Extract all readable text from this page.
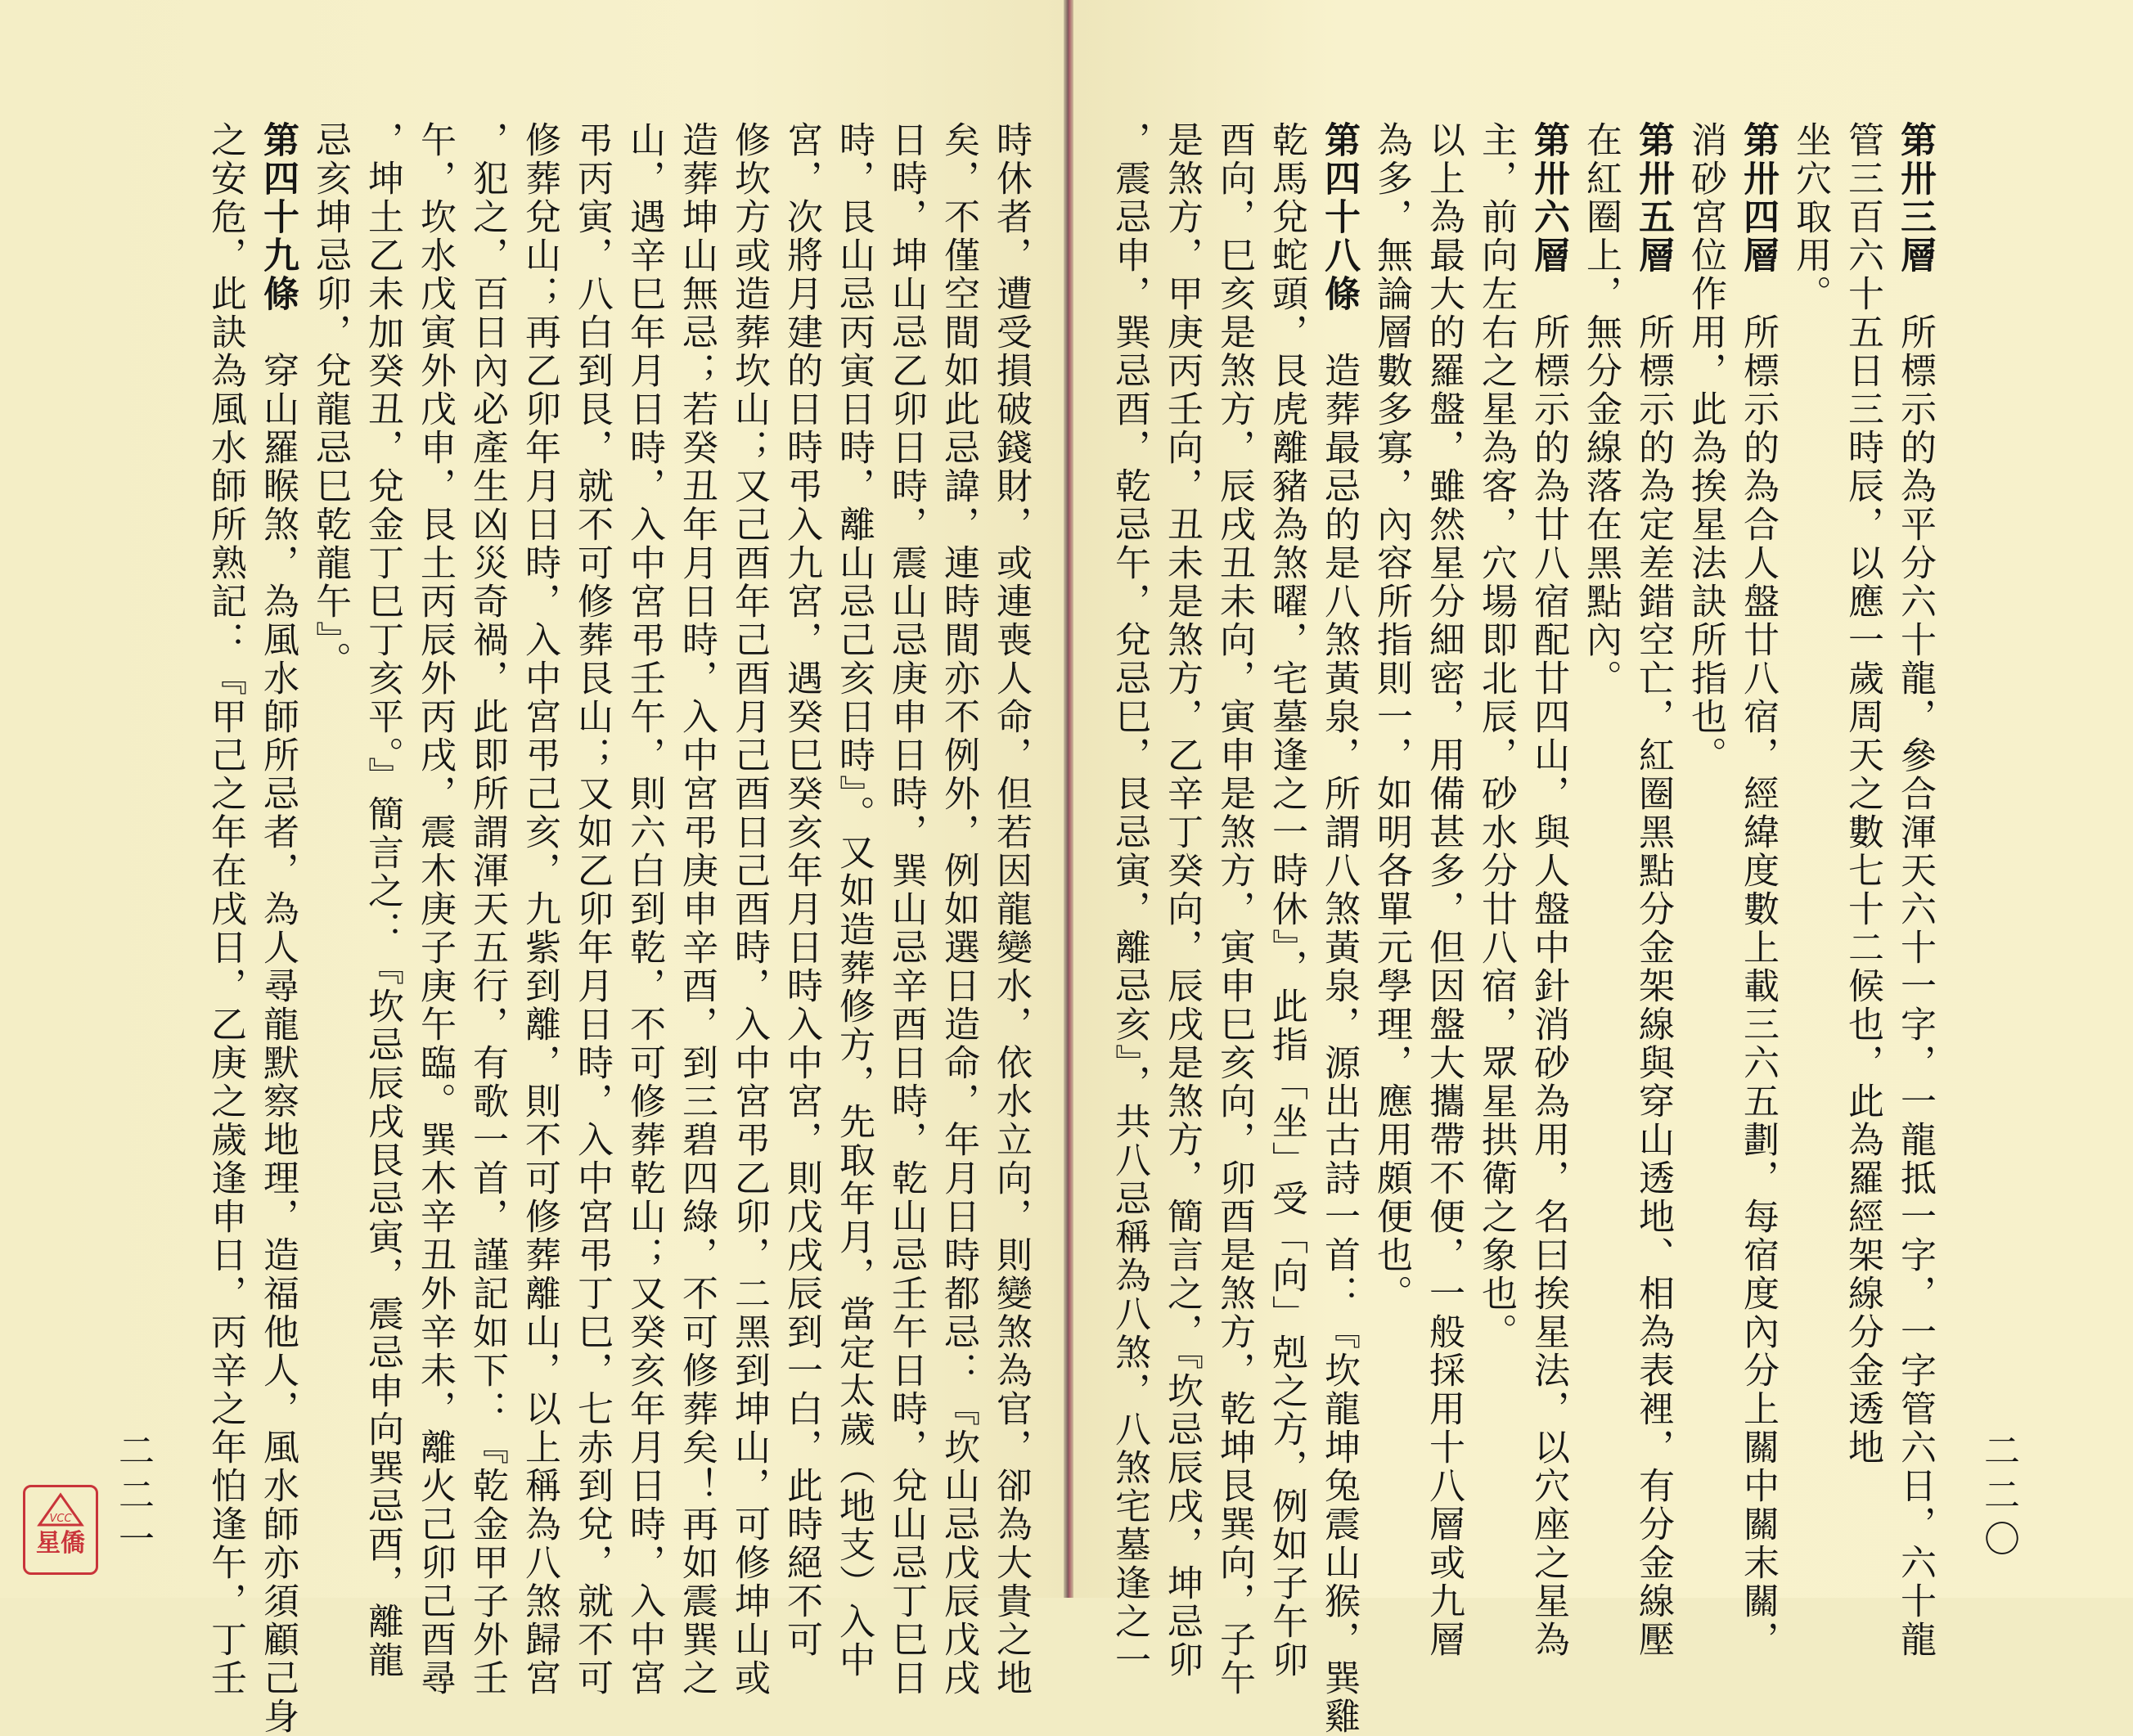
第卅三層　所標示的為平分六十龍，參合渾天六十一字，一龍抵一字，一字管六日，六十龍
管三百六十五日三時辰，以應一歲周天之數七十二候也，此為羅經架線分金透地
坐穴取用。
第卅四層　所標示的為合人盤廿八宿，經緯度數上載三六五劃，每宿度內分上關中關末關，
消砂宮位作用，此為挨星法訣所指也。
第卅五層　所標示的為定差錯空亡，紅圈黑點分金架線與穿山透地、相為表裡，有分金線壓
在紅圈上，無分金線落在黑點內。
第卅六層　所標示的為廿八宿配廿四山，與人盤中針消砂為用，名曰挨星法，以穴座之星為
主，前向左右之星為客，穴場即北辰，砂水分廿八宿，眾星拱衛之象也。
以上為最大的羅盤，雖然星分細密，用備甚多，但因盤大攜帶不便，一般採用十八層或九層
為多，無論層數多寡，內容所指則一，如明各單元學理，應用頗便也。
第四十八條　造葬最忌的是八煞黃泉，所謂八煞黃泉，源出古詩一首：『坎龍坤兔震山猴，巽雞
乾馬兌蛇頭，艮虎離豬為煞曜，宅墓逢之一時休』，此指「坐」受「向」剋之方，例如子午卯
酉向，巳亥是煞方，辰戌丑未向，寅申是煞方，寅申巳亥向，卯酉是煞方，乾坤艮巽向，子午
是煞方，甲庚丙壬向，丑未是煞方，乙辛丁癸向，辰戌是煞方，簡言之，『坎忌辰戌，坤忌卯
，震忌申，巽忌酉，乾忌午，兌忌巳，艮忌寅，離忌亥』，共八忌稱為八煞，八煞宅墓逢之一
時休者，遭受損破錢財，或連喪人命，但若因龍變水，依水立向，則變煞為官，卻為大貴之地
矣，不僅空間如此忌諱，連時間亦不例外，例如選日造命，年月日時都忌：『坎山忌戊辰戊戌
日時，坤山忌乙卯日時，震山忌庚申日時，巽山忌辛酉日時，乾山忌壬午日時，兌山忌丁巳日
時，艮山忌丙寅日時，離山忌己亥日時』。又如造葬修方，先取年月，當定太歲（地支）入中
宮，次將月建的日時弔入九宮，遇癸巳癸亥年月日時入中宮，則戊戌辰到一白，此時絕不可
修坎方或造葬坎山；又己酉年己酉月己酉日己酉時，入中宮弔乙卯，二黑到坤山，可修坤山或
造葬坤山無忌；若癸丑年月日時，入中宮弔庚申辛酉，到三碧四綠，不可修葬矣！再如震巽之
山，遇辛巳年月日時，入中宮弔壬午，則六白到乾，不可修葬乾山；又癸亥年月日時，入中宮
弔丙寅，八白到艮，就不可修葬艮山；又如乙卯年月日時，入中宮弔丁巳，七赤到兌，就不可
修葬兌山；再乙卯年月日時，入中宮弔己亥，九紫到離，則不可修葬離山，以上稱為八煞歸宮
，犯之，百日內必產生凶災奇禍，此即所謂渾天五行，有歌一首，謹記如下：『乾金甲子外壬
午，坎水戊寅外戊申，艮土丙辰外丙戌，震木庚子庚午臨。巽木辛丑外辛未，離火己卯己酉尋
，坤土乙未加癸丑，兌金丁巳丁亥平。』簡言之：『坎忌辰戌艮忌寅，震忌申向巽忌酉，離龍
忌亥坤忌卯，兌龍忌巳乾龍午』。
第四十九條　穿山羅睺煞，為風水師所忌者，為人尋龍默察地理，造福他人，風水師亦須顧己身
之安危，此訣為風水師所熟記：『甲己之年在戌日，乙庚之歲逢申日，丙辛之年怕逢午，丁壬	二二〇
二二一
VCC
星僑
